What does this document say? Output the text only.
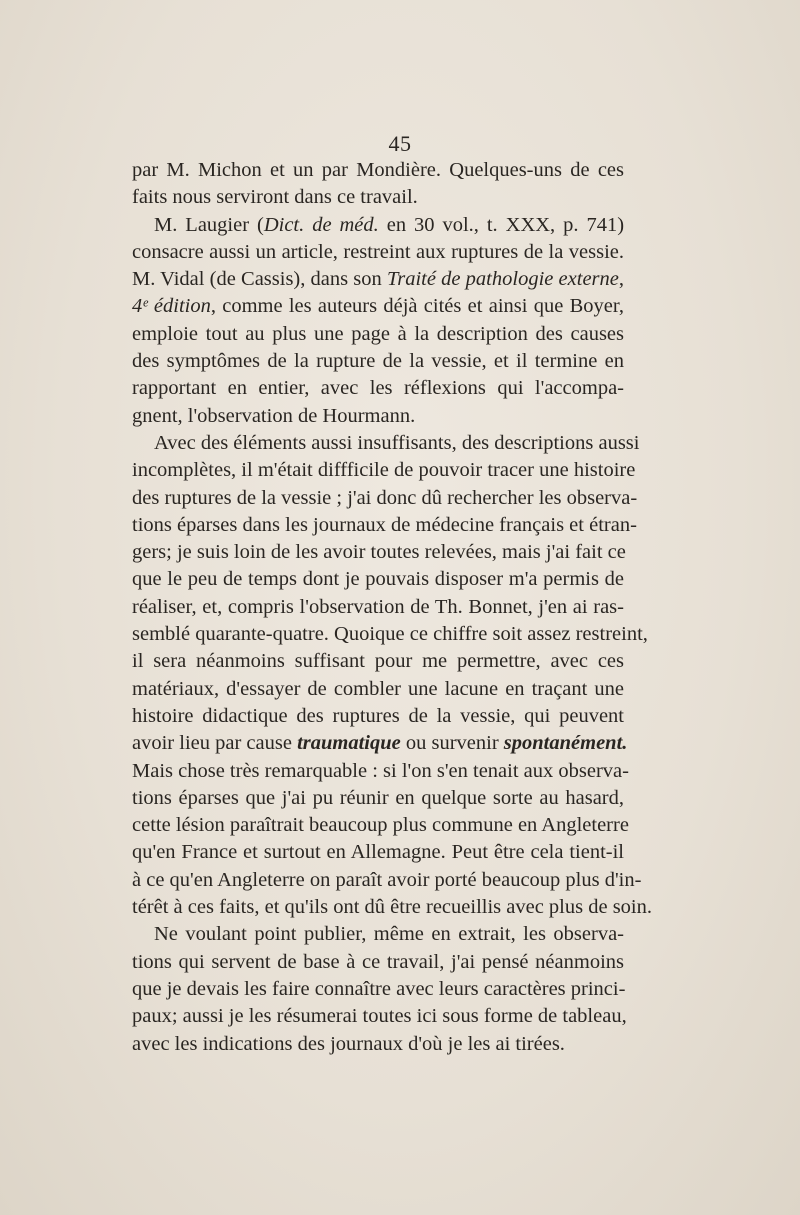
45
par M. Michon et un par Mondière. Quelques-uns de ces
faits nous serviront dans ce travail.
M. Laugier (Dict. de méd. en 30 vol., t. XXX, p. 741)
consacre aussi un article, restreint aux ruptures de la vessie.
M. Vidal (de Cassis), dans son Traité de pathologie externe,
4ᵉ édition, comme les auteurs déjà cités et ainsi que Boyer,
emploie tout au plus une page à la description des causes
des symptômes de la rupture de la vessie, et il termine en
rapportant en entier, avec les réflexions qui l'accompa-
gnent, l'observation de Hourmann.
Avec des éléments aussi insuffisants, des descriptions aussi
incomplètes, il m'était diffficile de pouvoir tracer une histoire
des ruptures de la vessie ; j'ai donc dû rechercher les observa-
tions éparses dans les journaux de médecine français et étran-
gers; je suis loin de les avoir toutes relevées, mais j'ai fait ce
que le peu de temps dont je pouvais disposer m'a permis de
réaliser, et, compris l'observation de Th. Bonnet, j'en ai ras-
semblé quarante-quatre. Quoique ce chiffre soit assez restreint,
il sera néanmoins suffisant pour me permettre, avec ces
matériaux, d'essayer de combler une lacune en traçant une
histoire didactique des ruptures de la vessie, qui peuvent
avoir lieu par cause traumatique ou survenir spontanément.
Mais chose très remarquable : si l'on s'en tenait aux observa-
tions éparses que j'ai pu réunir en quelque sorte au hasard,
cette lésion paraîtrait beaucoup plus commune en Angleterre
qu'en France et surtout en Allemagne. Peut être cela tient-il
à ce qu'en Angleterre on paraît avoir porté beaucoup plus d'in-
térêt à ces faits, et qu'ils ont dû être recueillis avec plus de soin.
Ne voulant point publier, même en extrait, les observa-
tions qui servent de base à ce travail, j'ai pensé néanmoins
que je devais les faire connaître avec leurs caractères princi-
paux; aussi je les résumerai toutes ici sous forme de tableau,
avec les indications des journaux d'où je les ai tirées.
